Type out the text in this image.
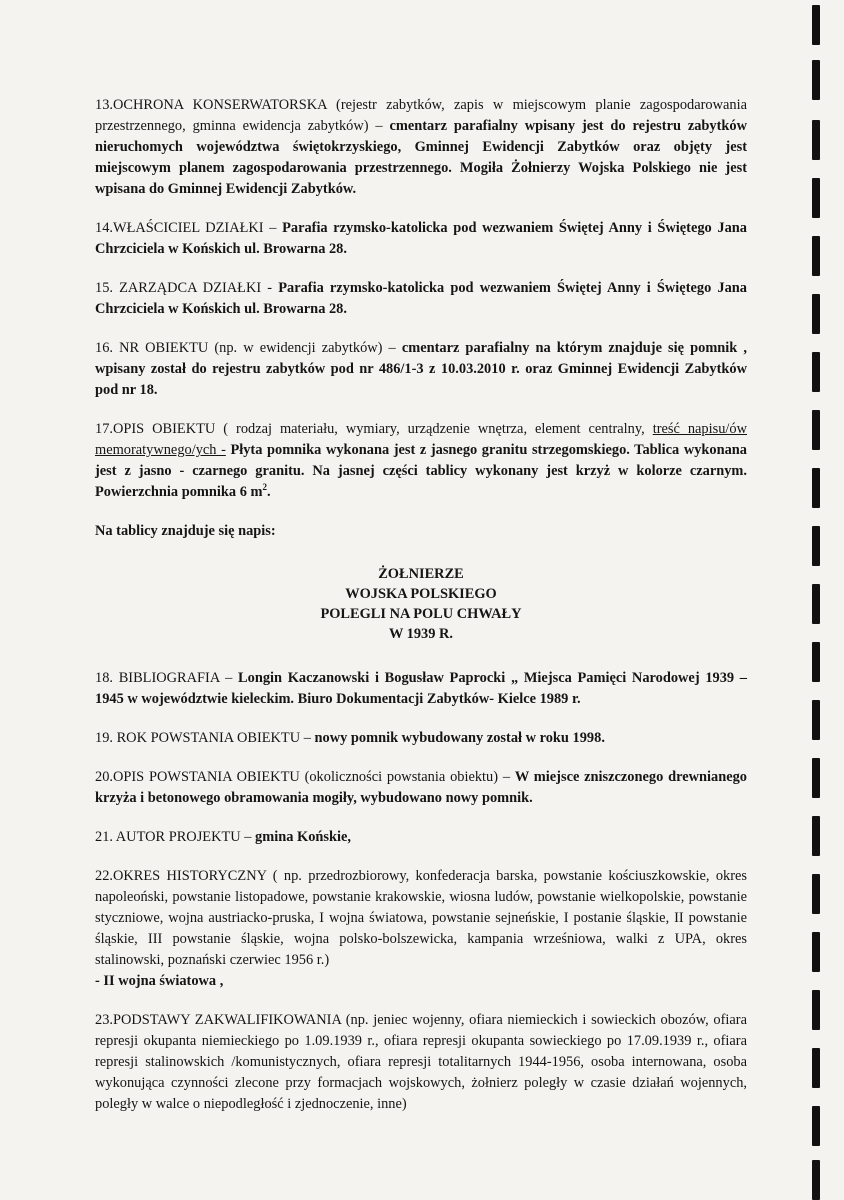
13.OCHRONA KONSERWATORSKA (rejestr zabytków, zapis w miejscowym planie zagospodarowania przestrzennego, gminna ewidencja zabytków) – cmentarz parafialny wpisany jest do rejestru zabytków nieruchomych województwa świętokrzyskiego, Gminnej Ewidencji Zabytków oraz objęty jest miejscowym planem zagospodarowania przestrzennego. Mogiła Żołnierzy Wojska Polskiego nie jest wpisana do Gminnej Ewidencji Zabytków.

14.WŁAŚCICIEL DZIAŁKI – Parafia rzymsko-katolicka pod wezwaniem Świętej Anny i Świętego Jana Chrzciciela w Końskich ul. Browarna 28.

15. ZARZĄDCA DZIAŁKI - Parafia rzymsko-katolicka pod wezwaniem Świętej Anny i Świętego Jana Chrzciciela w Końskich ul. Browarna 28.

16. NR OBIEKTU (np. w ewidencji zabytków) – cmentarz parafialny na którym znajduje się pomnik , wpisany został do rejestru zabytków pod nr 486/1-3 z 10.03.2010 r. oraz Gminnej Ewidencji Zabytków pod nr 18.

17.OPIS OBIEKTU ( rodzaj materiału, wymiary, urządzenie wnętrza, element centralny, treść napisu/ów memoratywnego/ych - Płyta pomnika wykonana jest z jasnego granitu strzegomskiego. Tablica wykonana jest z jasno - czarnego granitu. Na jasnej części tablicy wykonany jest krzyż w kolorze czarnym. Powierzchnia pomnika 6 $m^2$.

Na tablicy znajduje się napis:

ŻOŁNIERZE
WOJSKA POLSKIEGO
POLEGLI NA POLU CHWAŁY
W 1939 R.

18. BIBLIOGRAFIA – Longin Kaczanowski i Bogusław Paprocki „ Miejsca Pamięci Narodowej 1939 – 1945 w województwie kieleckim. Biuro Dokumentacji Zabytków- Kielce 1989 r.

19. ROK POWSTANIA OBIEKTU – nowy pomnik wybudowany został w roku 1998.

20.OPIS POWSTANIA OBIEKTU (okoliczności powstania obiektu) – W miejsce zniszczonego drewnianego krzyża i betonowego obramowania mogiły, wybudowano nowy pomnik.

21. AUTOR PROJEKTU – gmina Końskie,

22.OKRES HISTORYCZNY ( np. przedrozbiorowy, konfederacja barska, powstanie kościuszkowskie, okres napoleoński, powstanie listopadowe, powstanie krakowskie, wiosna ludów, powstanie wielkopolskie, powstanie styczniowe, wojna austriacko-pruska, I wojna światowa, powstanie sejneńskie, I postanie śląskie, II powstanie śląskie, III powstanie śląskie, wojna polsko-bolszewicka, kampania wrześniowa, walki z UPA, okres stalinowski, poznański czerwiec 1956 r.)
- II wojna światowa ,

23.PODSTAWY ZAKWALIFIKOWANIA (np. jeniec wojenny, ofiara niemieckich i sowieckich obozów, ofiara represji okupanta niemieckiego po 1.09.1939 r., ofiara represji okupanta sowieckiego po 17.09.1939 r., ofiara represji stalinowskich /komunistycznych, ofiara represji totalitarnych 1944-1956, osoba internowana, osoba wykonująca czynności zlecone przy formacjach wojskowych, żołnierz poległy w czasie działań wojennych, poległy w walce o niepodległość i zjednoczenie, inne)
